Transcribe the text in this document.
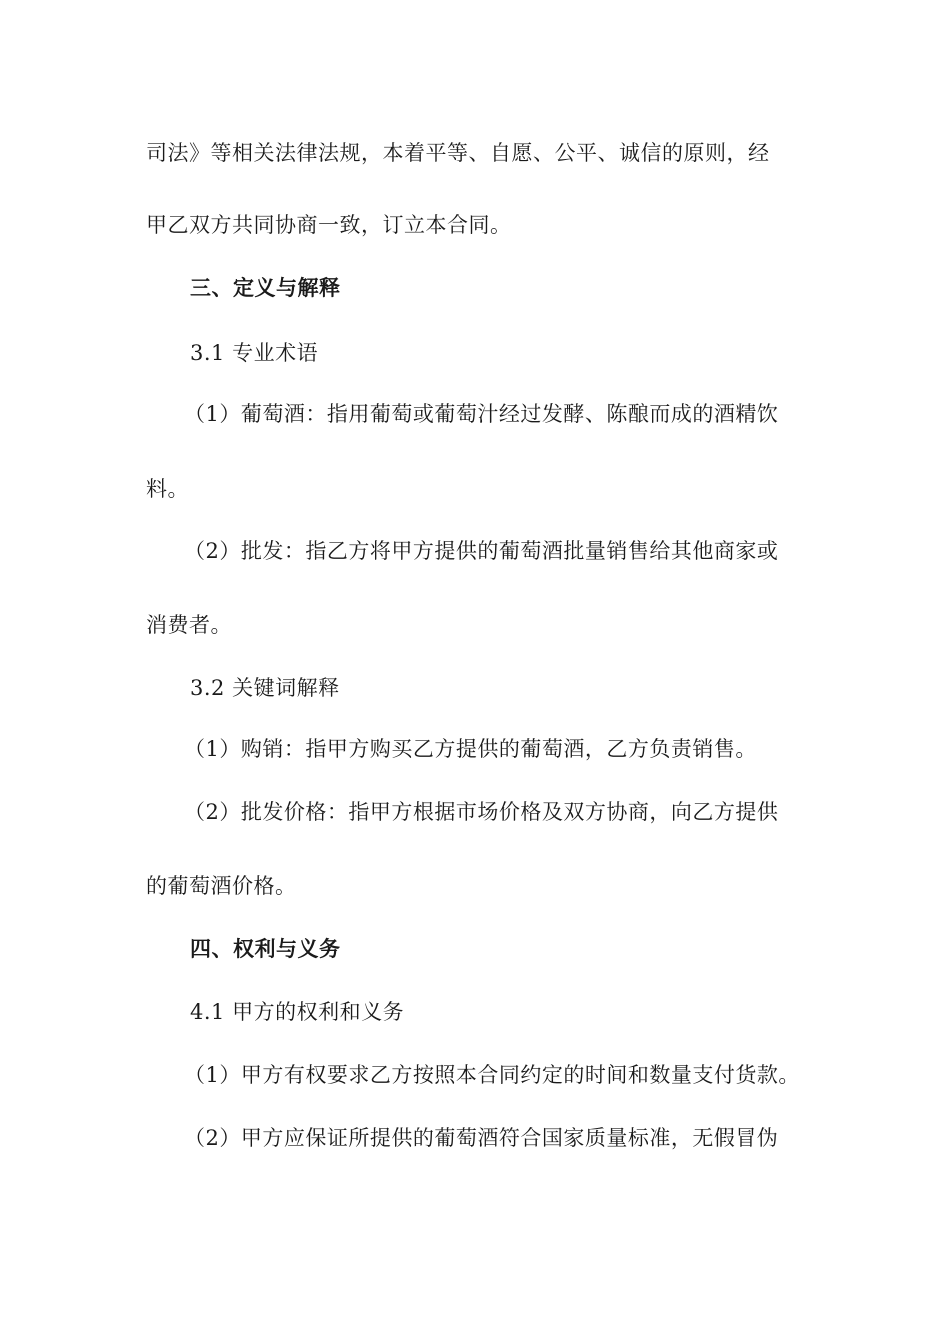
司法》等相关法律法规，本着平等、自愿、公平、诚信的原则，经
甲乙双方共同协商一致，订立本合同。
三、定义与解释
3.1 专业术语
（1）葡萄酒：指用葡萄或葡萄汁经过发酵、陈酿而成的酒精饮
料。
（2）批发：指乙方将甲方提供的葡萄酒批量销售给其他商家或
消费者。
3.2 关键词解释
（1）购销：指甲方购买乙方提供的葡萄酒，乙方负责销售。
（2）批发价格：指甲方根据市场价格及双方协商，向乙方提供
的葡萄酒价格。
四、权利与义务
4.1 甲方的权利和义务
（1）甲方有权要求乙方按照本合同约定的时间和数量支付货款。
（2）甲方应保证所提供的葡萄酒符合国家质量标准，无假冒伪
